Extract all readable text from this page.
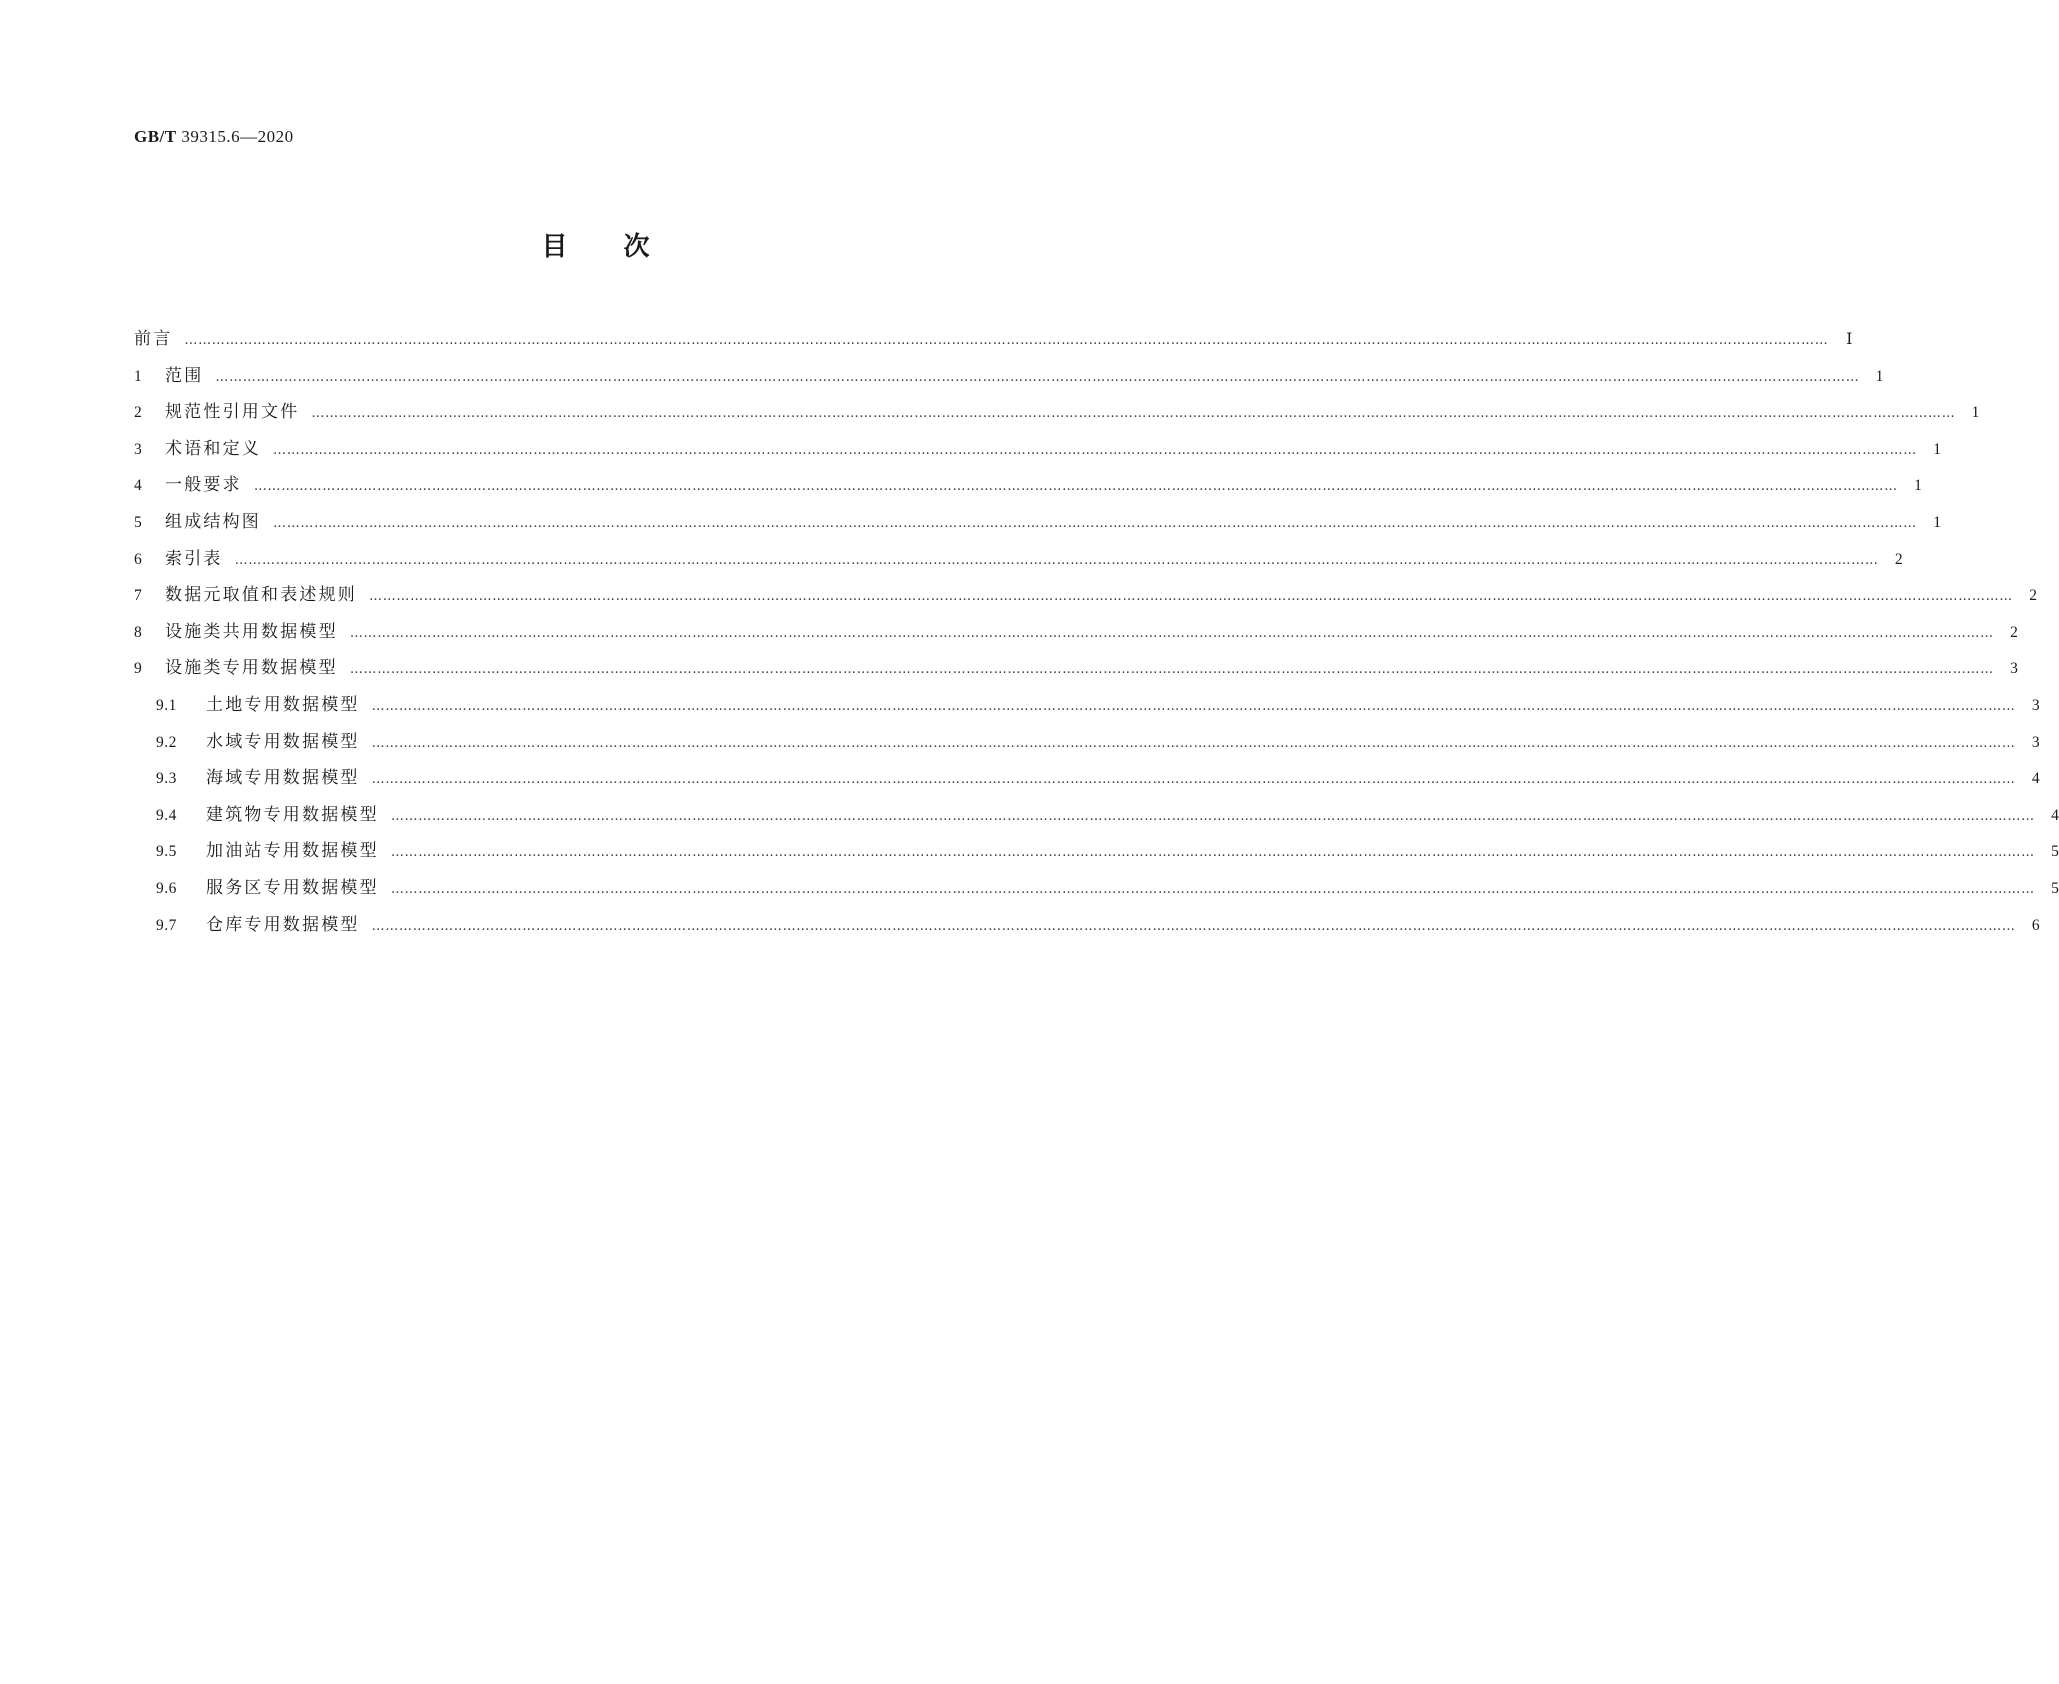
GB/T 39315.6—2020
目次
前言 ………………………………………………………………………………………………………………………………………………………………………………………………………………………………………………………………………………………………………………………………	Ⅰ
1	范围 ………………………………………………………………………………………………………………………………………………………………………………………………………………………………………………………………………………………………………………………………	1
2	规范性引用文件 ………………………………………………………………………………………………………………………………………………………………………………………………………………………………………………………………………………………………………………………………	1
3	术语和定义 ………………………………………………………………………………………………………………………………………………………………………………………………………………………………………………………………………………………………………………………………	1
4	一般要求 ………………………………………………………………………………………………………………………………………………………………………………………………………………………………………………………………………………………………………………………………	1
5	组成结构图 ………………………………………………………………………………………………………………………………………………………………………………………………………………………………………………………………………………………………………………………………	1
6	索引表 ………………………………………………………………………………………………………………………………………………………………………………………………………………………………………………………………………………………………………………………………	2
7	数据元取值和表述规则 ………………………………………………………………………………………………………………………………………………………………………………………………………………………………………………………………………………………………………………………………	2
8	设施类共用数据模型 ………………………………………………………………………………………………………………………………………………………………………………………………………………………………………………………………………………………………………………………………	2
9	设施类专用数据模型 ………………………………………………………………………………………………………………………………………………………………………………………………………………………………………………………………………………………………………………………………	3
9.1	土地专用数据模型 ………………………………………………………………………………………………………………………………………………………………………………………………………………………………………………………………………………………………………………………………	3
9.2	水域专用数据模型 ………………………………………………………………………………………………………………………………………………………………………………………………………………………………………………………………………………………………………………………………	3
9.3	海域专用数据模型 ………………………………………………………………………………………………………………………………………………………………………………………………………………………………………………………………………………………………………………………………	4
9.4	建筑物专用数据模型 ………………………………………………………………………………………………………………………………………………………………………………………………………………………………………………………………………………………………………………………………	4
9.5	加油站专用数据模型 ………………………………………………………………………………………………………………………………………………………………………………………………………………………………………………………………………………………………………………………………	5
9.6	服务区专用数据模型 ………………………………………………………………………………………………………………………………………………………………………………………………………………………………………………………………………………………………………………………………	5
9.7	仓库专用数据模型 ………………………………………………………………………………………………………………………………………………………………………………………………………………………………………………………………………………………………………………………………	6
